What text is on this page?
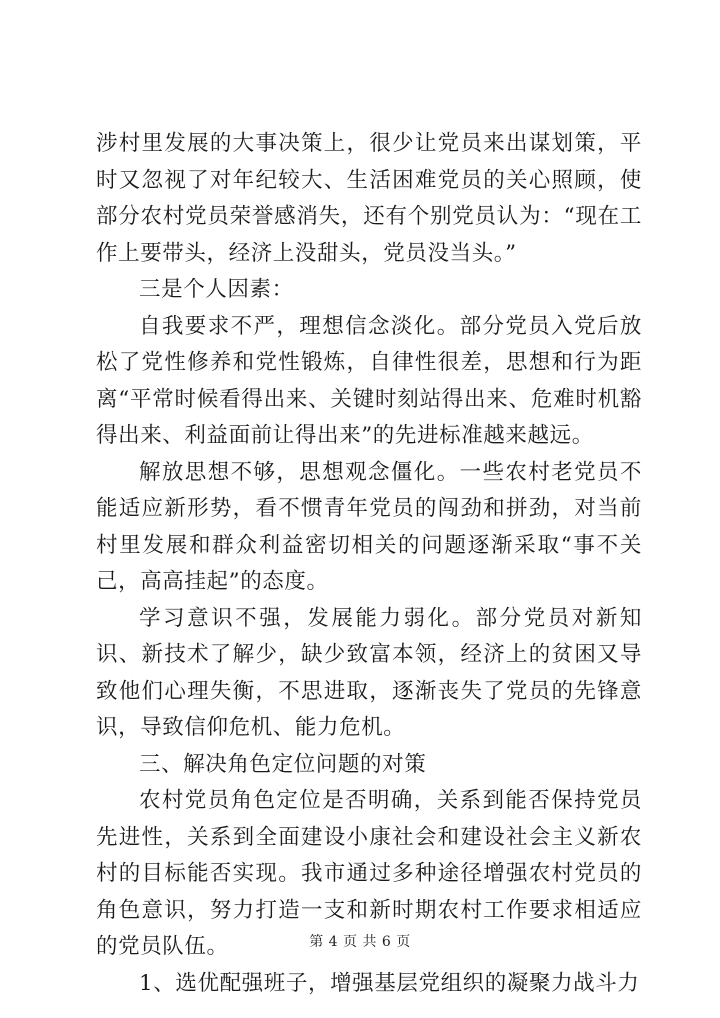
涉村里发展的大事决策上，很少让党员来出谋划策，平时又忽视了对年纪较大、生活困难党员的关心照顾，使部分农村党员荣誉感消失，还有个别党员认为：“现在工作上要带头，经济上没甜头，党员没当头。”

三是个人因素：

自我要求不严，理想信念淡化。部分党员入党后放松了党性修养和党性锻炼，自律性很差，思想和行为距离“平常时候看得出来、关键时刻站得出来、危难时机豁得出来、利益面前让得出来”的先进标准越来越远。

解放思想不够，思想观念僵化。一些农村老党员不能适应新形势，看不惯青年党员的闯劲和拼劲，对当前村里发展和群众利益密切相关的问题逐渐采取“事不关己，高高挂起”的态度。

学习意识不强，发展能力弱化。部分党员对新知识、新技术了解少，缺少致富本领，经济上的贫困又导致他们心理失衡，不思进取，逐渐丧失了党员的先锋意识，导致信仰危机、能力危机。

三、解决角色定位问题的对策

农村党员角色定位是否明确，关系到能否保持党员先进性，关系到全面建设小康社会和建设社会主义新农村的目标能否实现。我市通过多种途径增强农村党员的角色意识，努力打造一支和新时期农村工作要求相适应的党员队伍。

1、选优配强班子，增强基层党组织的凝聚力战斗力

第 4 页 共 6 页
